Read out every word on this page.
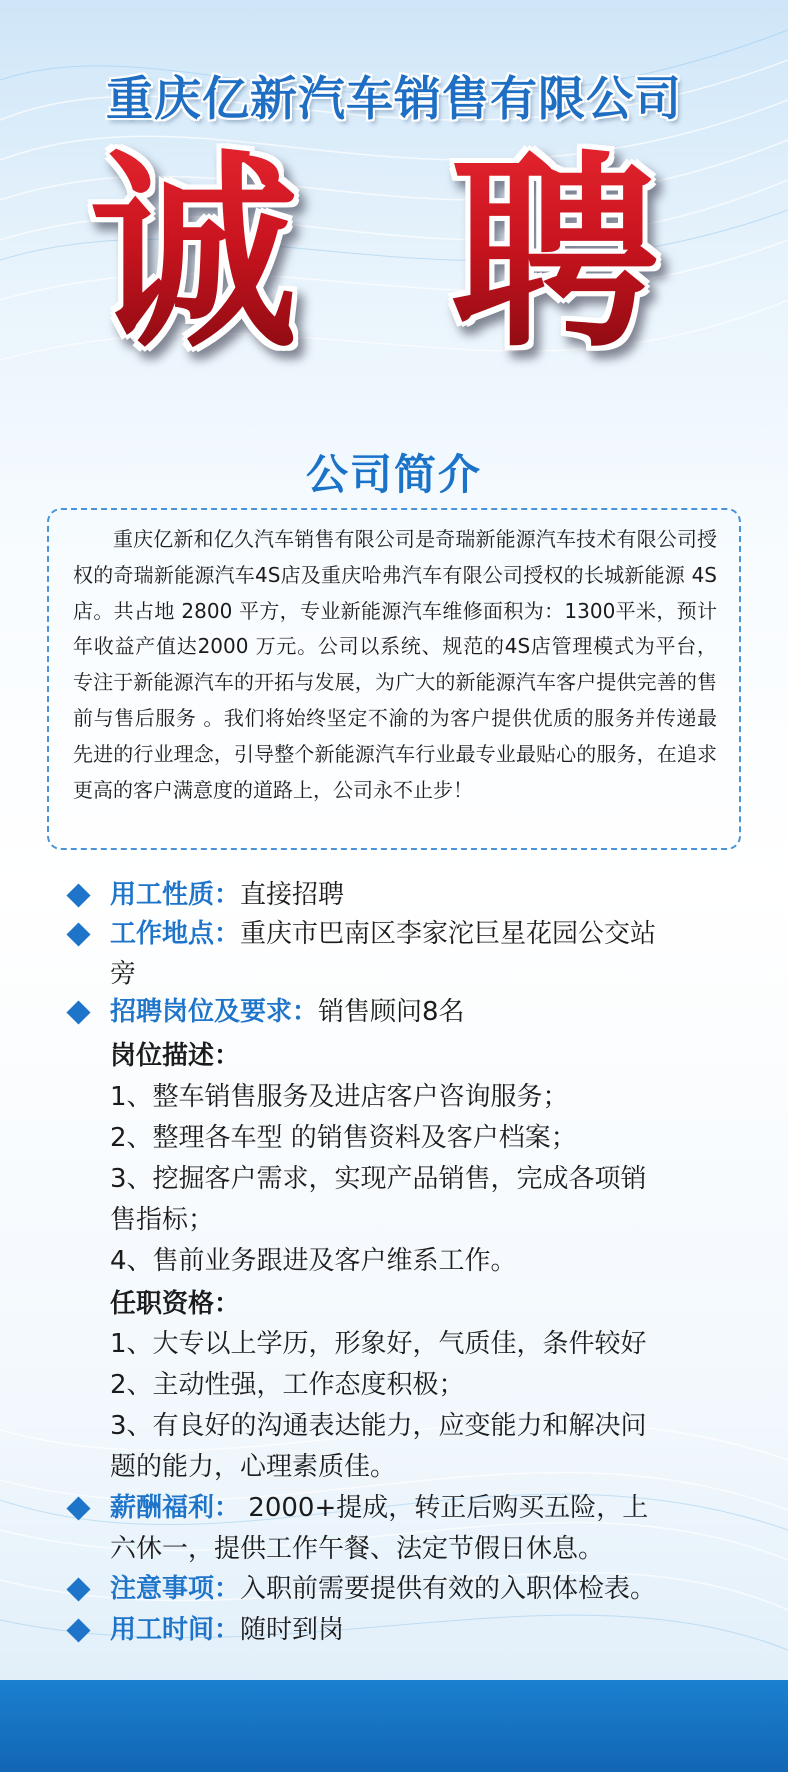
重庆亿新汽车销售有限公司
诚 聘
公司简介

重庆亿新和亿久汽车销售有限公司是奇瑞新能源汽车技术有限公司授权的奇瑞新能源汽车4S店及重庆哈弗汽车有限公司授权的长城新能源 4S店。共占地 2800 平方，专业新能源汽车维修面积为：1300平米，预计年收益产值达2000 万元。公司以系统、规范的4S店管理模式为平台， 专注于新能源汽车的开拓与发展，为广大的新能源汽车客户提供完善的售前与售后服务 。我们将始终坚定不渝的为客户提供优质的服务并传递最先进的行业理念，引导整个新能源汽车行业最专业最贴心的服务，在追求更高的客户满意度的道路上，公司永不止步！

用工性质：直接招聘
工作地点：重庆市巴南区李家沱巨星花园公交站
旁
招聘岗位及要求：销售顾问8名
岗位描述：
1、整车销售服务及进店客户咨询服务；
2、整理各车型 的销售资料及客户档案；
3、挖掘客户需求，实现产品销售，完成各项销
售指标；
4、售前业务跟进及客户维系工作。
任职资格：
1、大专以上学历，形象好，气质佳，条件较好
2、主动性强，工作态度积极；
3、有良好的沟通表达能力，应变能力和解决问
题的能力，心理素质佳。
薪酬福利： 2000+提成，转正后购买五险，上
六休一，提供工作午餐、法定节假日休息。
注意事项：入职前需要提供有效的入职体检表。
用工时间：随时到岗
